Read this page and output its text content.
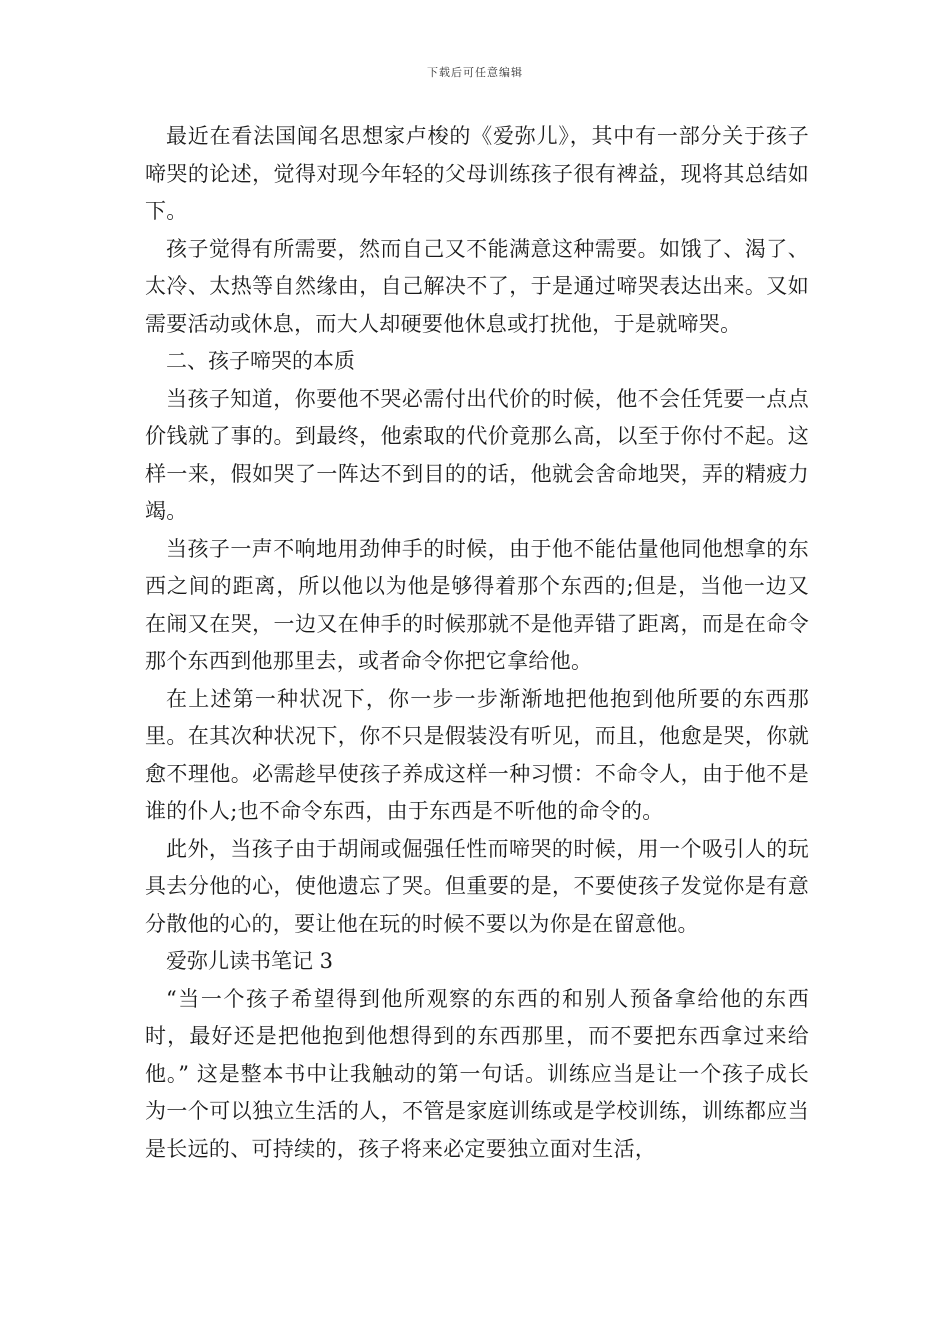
下载后可任意编辑

最近在看法国闻名思想家卢梭的《爱弥儿》，其中有一部分关于孩子啼哭的论述，觉得对现今年轻的父母训练孩子很有裨益，现将其总结如下。

孩子觉得有所需要，然而自己又不能满意这种需要。如饿了、渴了、太冷、太热等自然缘由，自己解决不了，于是通过啼哭表达出来。又如需要活动或休息，而大人却硬要他休息或打扰他，于是就啼哭。

二、孩子啼哭的本质

当孩子知道，你要他不哭必需付出代价的时候，他不会任凭要一点点价钱就了事的。到最终，他索取的代价竟那么高，以至于你付不起。这样一来，假如哭了一阵达不到目的的话，他就会舍命地哭，弄的精疲力竭。

当孩子一声不响地用劲伸手的时候，由于他不能估量他同他想拿的东西之间的距离，所以他以为他是够得着那个东西的;但是，当他一边又在闹又在哭，一边又在伸手的时候那就不是他弄错了距离，而是在命令那个东西到他那里去，或者命令你把它拿给他。

在上述第一种状况下，你一步一步渐渐地把他抱到他所要的东西那里。在其次种状况下，你不只是假装没有听见，而且，他愈是哭，你就愈不理他。必需趁早使孩子养成这样一种习惯：不命令人，由于他不是谁的仆人;也不命令东西，由于东西是不听他的命令的。

此外，当孩子由于胡闹或倔强任性而啼哭的时候，用一个吸引人的玩具去分他的心，使他遗忘了哭。但重要的是，不要使孩子发觉你是有意分散他的心的，要让他在玩的时候不要以为你是在留意他。

爱弥儿读书笔记 3

“当一个孩子希望得到他所观察的东西的和别人预备拿给他的东西时，最好还是把他抱到他想得到的东西那里，而不要把东西拿过来给他。” 这是整本书中让我触动的第一句话。训练应当是让一个孩子成长为一个可以独立生活的人，不管是家庭训练或是学校训练，训练都应当是长远的、可持续的，孩子将来必定要独立面对生活，
